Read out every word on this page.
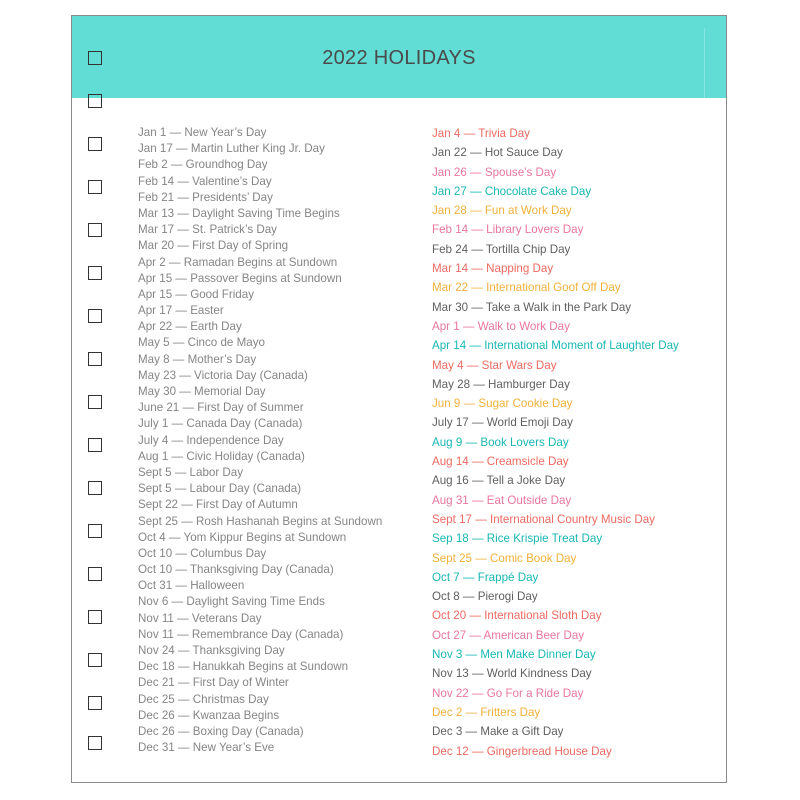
2022 HOLIDAYS
Jan 1 — New Year’s Day
Jan 17 — Martin Luther King Jr. Day
Feb 2 — Groundhog Day
Feb 14 — Valentine’s Day
Feb 21 — Presidents’ Day
Mar 13 — Daylight Saving Time Begins
Mar 17 — St. Patrick’s Day
Mar 20 — First Day of Spring
Apr 2 — Ramadan Begins at Sundown
Apr 15 — Passover Begins at Sundown
Apr 15 — Good Friday
Apr 17 — Easter
Apr 22 — Earth Day
May 5 — Cinco de Mayo
May 8 — Mother’s Day
May 23 — Victoria Day (Canada)
May 30 — Memorial Day
June 21 — First Day of Summer
July 1 — Canada Day (Canada)
July 4 — Independence Day
Aug 1 — Civic Holiday (Canada)
Sept 5 — Labor Day
Sept 5 — Labour Day (Canada)
Sept 22 — First Day of Autumn
Sept 25 — Rosh Hashanah Begins at Sundown
Oct 4 — Yom Kippur Begins at Sundown
Oct 10 — Columbus Day
Oct 10 — Thanksgiving Day (Canada)
Oct 31 — Halloween
Nov 6 — Daylight Saving Time Ends
Nov 11 — Veterans Day
Nov 11 — Remembrance Day (Canada)
Nov 24 — Thanksgiving Day
Dec 18 — Hanukkah Begins at Sundown
Dec 21 — First Day of Winter
Dec 25 — Christmas Day
Dec 26 — Kwanzaa Begins
Dec 26 — Boxing Day (Canada)
Dec 31 — New Year’s Eve
Jan 4 — Trivia Day
Jan 22 — Hot Sauce Day
Jan 26 — Spouse’s Day
Jan 27 — Chocolate Cake Day
Jan 28 — Fun at Work Day
Feb 14 — Library Lovers Day
Feb 24 — Tortilla Chip Day
Mar 14 — Napping Day
Mar 22 — International Goof Off Day
Mar 30 — Take a Walk in the Park Day
Apr 1 — Walk to Work Day
Apr 14 — International Moment of Laughter Day
May 4 — Star Wars Day
May 28 — Hamburger Day
Jun 9 — Sugar Cookie Day
July 17 — World Emoji Day
Aug 9 — Book Lovers Day
Aug 14 — Creamsicle Day
Aug 16 — Tell a Joke Day
Aug 31 — Eat Outside Day
Sept 17 — International Country Music Day
Sep 18 — Rice Krispie Treat Day
Sept 25 — Comic Book Day
Oct 7 — Frappé Day
Oct 8 — Pierogi Day
Oct 20 — International Sloth Day
Oct 27 — American Beer Day
Nov 3 — Men Make Dinner Day
Nov 13 — World Kindness Day
Nov 22 — Go For a Ride Day
Dec 2 — Fritters Day
Dec 3 — Make a Gift Day
Dec 12 — Gingerbread House Day
